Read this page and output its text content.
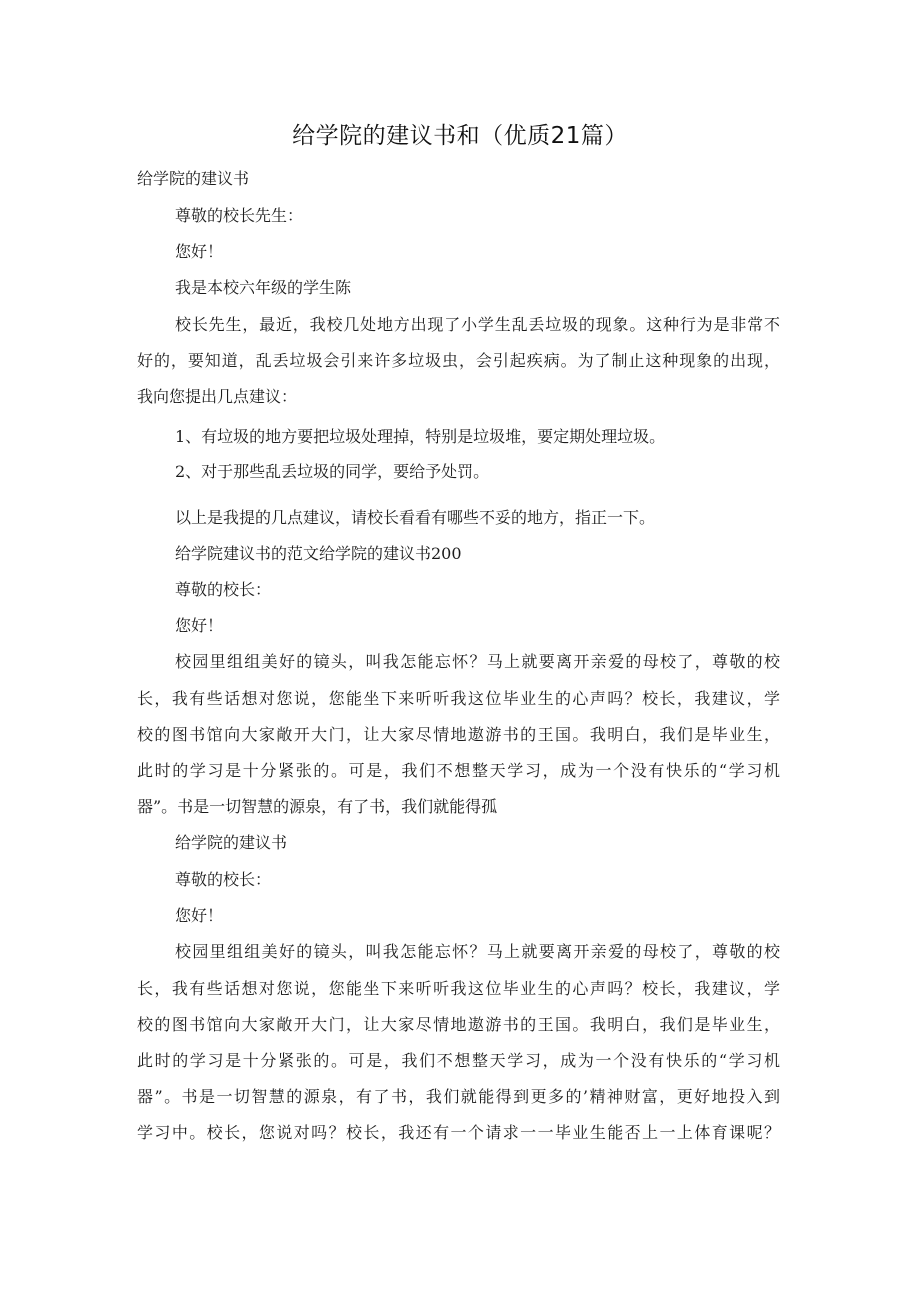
给学院的建议书和（优质21篇）
给学院的建议书
尊敬的校长先生：
您好！
我是本校六年级的学生陈
校长先生，最近，我校几处地方出现了小学生乱丢垃圾的现象。这种行为是非常不
好的，要知道，乱丢垃圾会引来许多垃圾虫，会引起疾病。为了制止这种现象的出现，
我向您提出几点建议：
1、有垃圾的地方要把垃圾处理掉，特别是垃圾堆，要定期处理垃圾。
2、对于那些乱丢垃圾的同学，要给予处罚。
以上是我提的几点建议，请校长看看有哪些不妥的地方，指正一下。
给学院建议书的范文给学院的建议书200
尊敬的校长：
您好！
校园里组组美好的镜头，叫我怎能忘怀？马上就要离开亲爱的母校了，尊敬的校
长，我有些话想对您说，您能坐下来听听我这位毕业生的心声吗？校长，我建议，学
校的图书馆向大家敞开大门，让大家尽情地遨游书的王国。我明白，我们是毕业生，
此时的学习是十分紧张的。可是，我们不想整天学习，成为一个没有快乐的“学习机
器”。书是一切智慧的源泉，有了书，我们就能得孤
给学院的建议书
尊敬的校长：
您好！
校园里组组美好的镜头，叫我怎能忘怀？马上就要离开亲爱的母校了，尊敬的校
长，我有些话想对您说，您能坐下来听听我这位毕业生的心声吗？校长，我建议，学
校的图书馆向大家敞开大门，让大家尽情地遨游书的王国。我明白，我们是毕业生，
此时的学习是十分紧张的。可是，我们不想整天学习，成为一个没有快乐的“学习机
器”。书是一切智慧的源泉，有了书，我们就能得到更多的’精神财富，更好地投入到
学习中。校长，您说对吗？校长，我还有一个请求一一毕业生能否上一上体育课呢？
